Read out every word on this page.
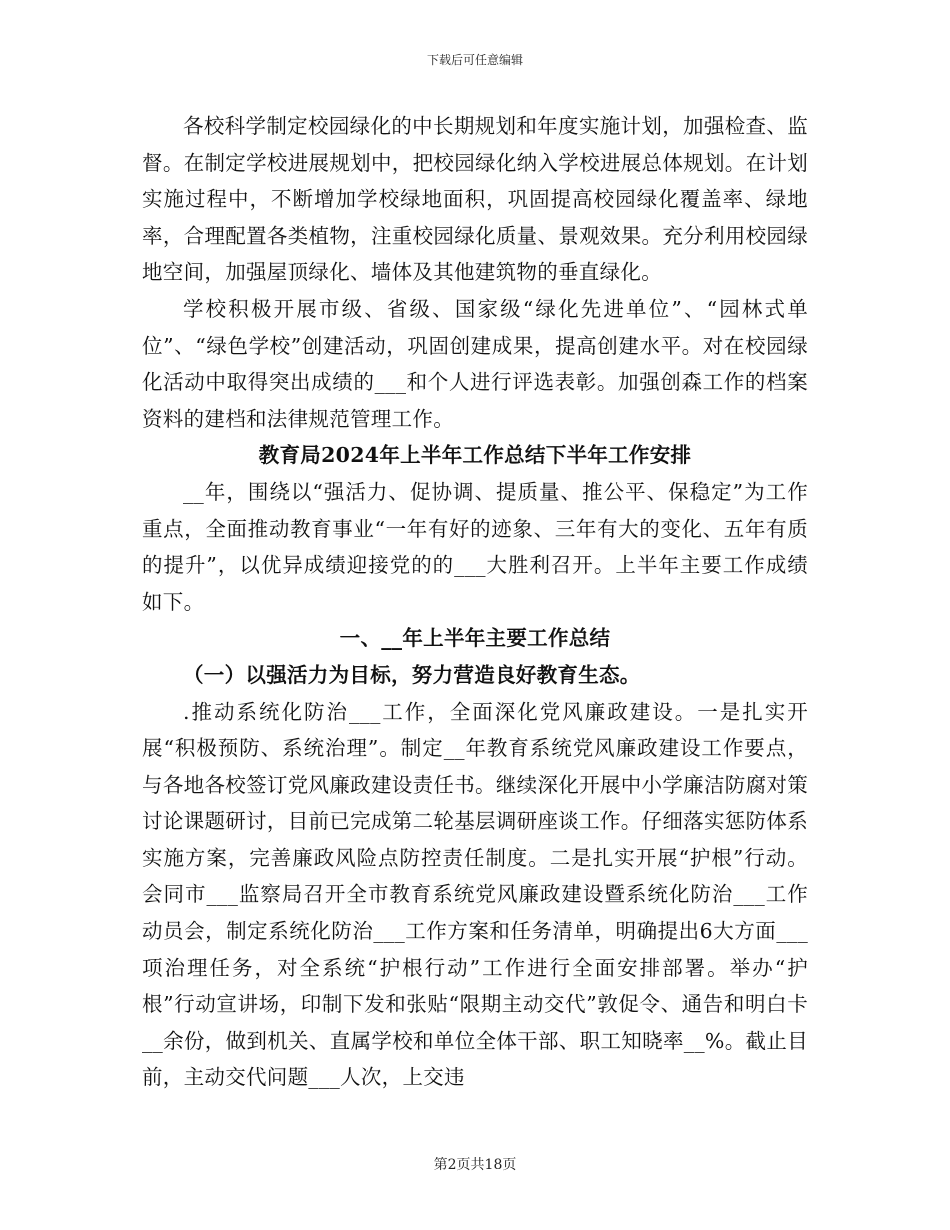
下载后可任意编辑

各校科学制定校园绿化的中长期规划和年度实施计划，加强检查、监督。在制定学校进展规划中，把校园绿化纳入学校进展总体规划。在计划实施过程中，不断增加学校绿地面积，巩固提高校园绿化覆盖率、绿地率，合理配置各类植物，注重校园绿化质量、景观效果。充分利用校园绿地空间，加强屋顶绿化、墙体及其他建筑物的垂直绿化。

学校积极开展市级、省级、国家级“绿化先进单位”、“园林式单位”、“绿色学校”创建活动，巩固创建成果，提高创建水平。对在校园绿化活动中取得突出成绩的___和个人进行评选表彰。加强创森工作的档案资料的建档和法律规范管理工作。

教育局2024年上半年工作总结下半年工作安排

__年，围绕以“强活力、促协调、提质量、推公平、保稳定”为工作重点，全面推动教育事业“一年有好的迹象、三年有大的变化、五年有质的提升”，以优异成绩迎接党的的___大胜利召开。上半年主要工作成绩如下。

一、__年上半年主要工作总结

（一）以强活力为目标，努力营造良好教育生态。

.推动系统化防治___工作，全面深化党风廉政建设。一是扎实开展“积极预防、系统治理”。制定__年教育系统党风廉政建设工作要点，与各地各校签订党风廉政建设责任书。继续深化开展中小学廉洁防腐对策讨论课题研讨，目前已完成第二轮基层调研座谈工作。仔细落实惩防体系实施方案，完善廉政风险点防控责任制度。二是扎实开展“护根”行动。会同市___监察局召开全市教育系统党风廉政建设暨系统化防治___工作动员会，制定系统化防治___工作方案和任务清单，明确提出6大方面___项治理任务，对全系统“护根行动”工作进行全面安排部署。举办“护根”行动宣讲场，印制下发和张贴“限期主动交代”敦促令、通告和明白卡__余份，做到机关、直属学校和单位全体干部、职工知晓率__%。截止目前，主动交代问题___人次，上交违

第2页共18页
